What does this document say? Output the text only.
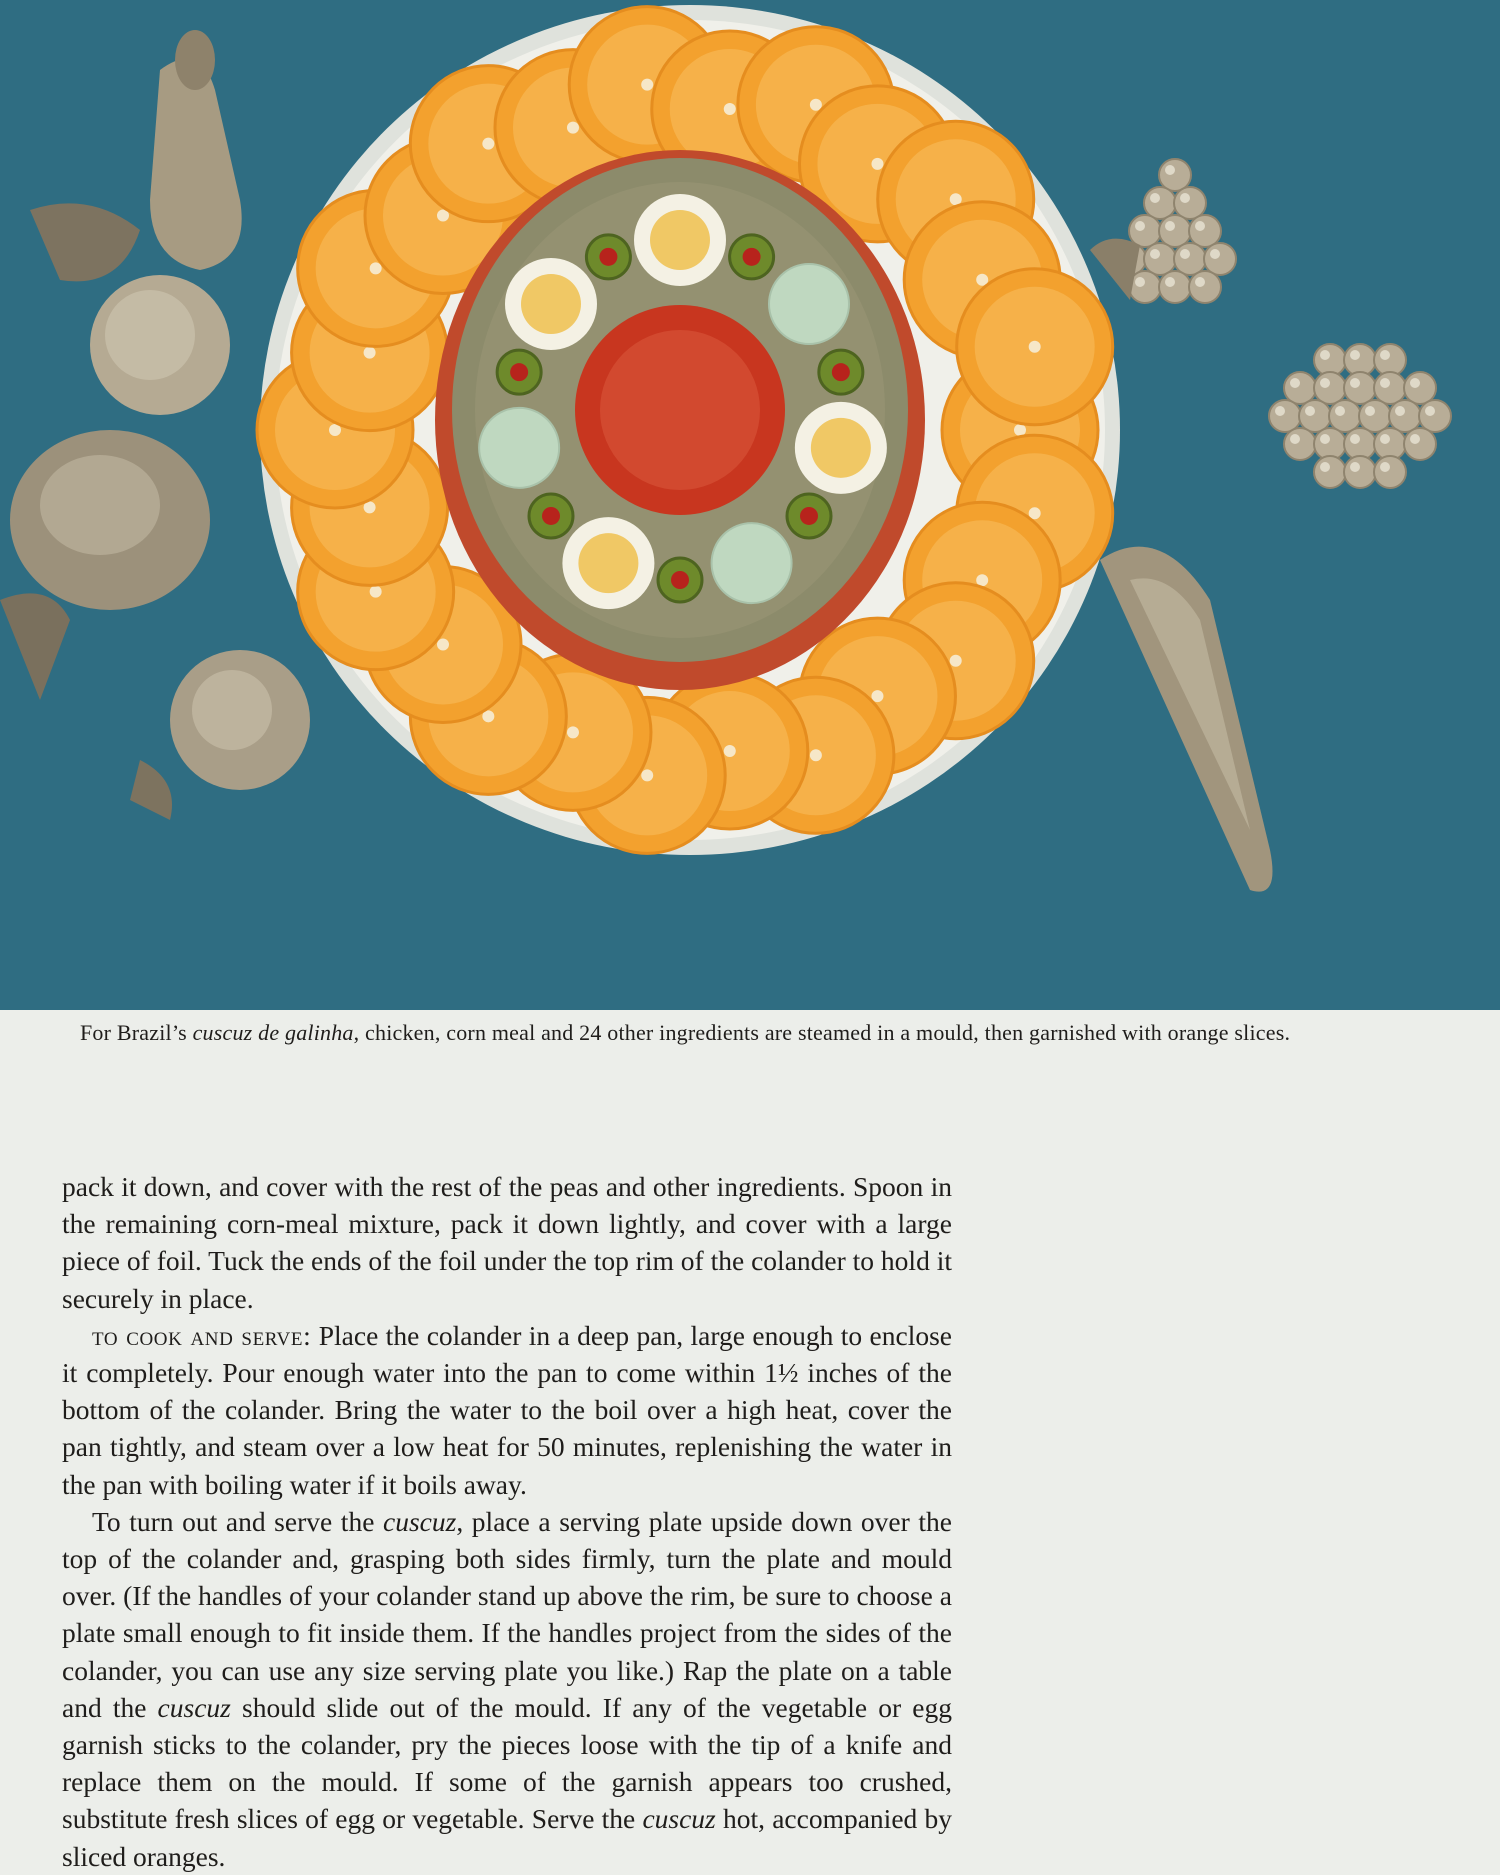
For Brazil’s cuscuz de galinha, chicken, corn meal and 24 other ingredients are steamed in a mould, then garnished with orange slices.

pack it down, and cover with the rest of the peas and other ingredients. Spoon in the remaining corn-meal mixture, pack it down lightly, and cover with a large piece of foil. Tuck the ends of the foil under the top rim of the colander to hold it securely in place.

to cook and serve: Place the colander in a deep pan, large enough to enclose it completely. Pour enough water into the pan to come within 1½ inches of the bottom of the colander. Bring the water to the boil over a high heat, cover the pan tightly, and steam over a low heat for 50 minutes, replenishing the water in the pan with boiling water if it boils away.

To turn out and serve the cuscuz, place a serving plate upside down over the top of the colander and, grasping both sides firmly, turn the plate and mould over. (If the handles of your colander stand up above the rim, be sure to choose a plate small enough to fit inside them. If the handles project from the sides of the colander, you can use any size serving plate you like.) Rap the plate on a table and the cuscuz should slide out of the mould. If any of the vegetable or egg garnish sticks to the colander, pry the pieces loose with the tip of a knife and replace them on the mould. If some of the garnish appears too crushed, substitute fresh slices of egg or vegetable. Serve the cuscuz hot, accompanied by sliced oranges.
